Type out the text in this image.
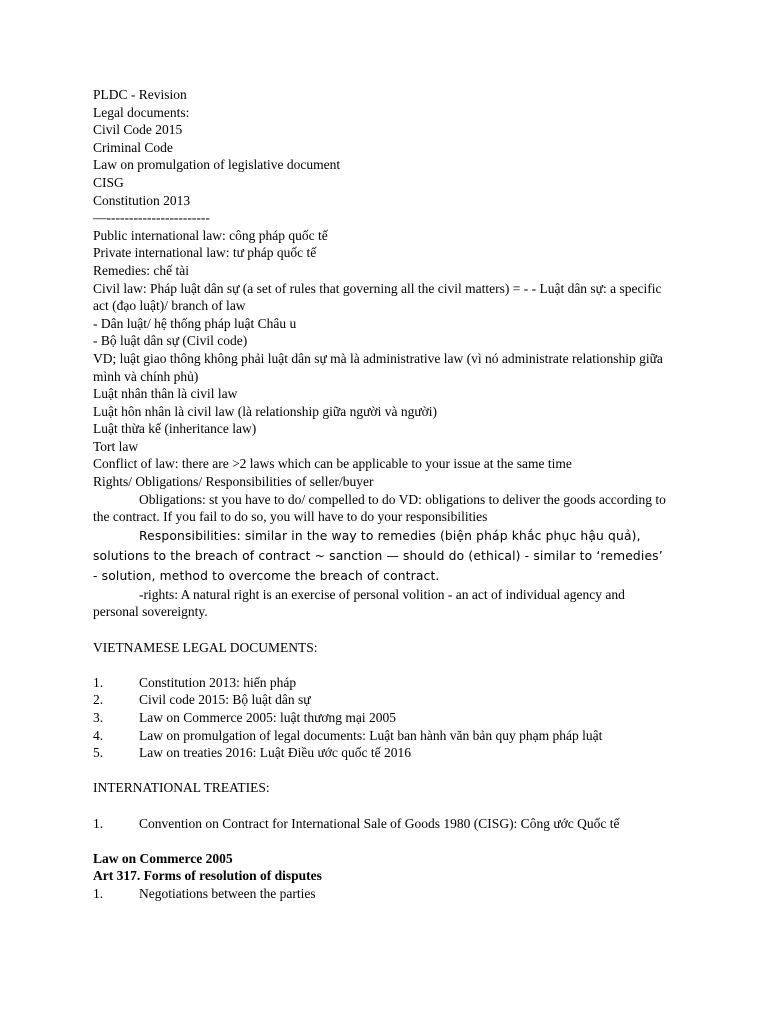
PLDC - Revision
Legal documents:
Civil Code 2015
Criminal Code
Law on promulgation of legislative document
CISG
Constitution 2013
—-----------------------
Public international law: công pháp quốc tế
Private international law: tư pháp quốc tế
Remedies: chế tài
Civil law: Pháp luật dân sự (a set of rules that governing all the civil matters) = - - Luật dân sự: a specific act (đạo luật)/ branch of law
- Dân luật/ hệ thống pháp luật Châu u
- Bộ luật dân sự (Civil code)
VD; luật giao thông không phải luật dân sự mà là administrative law (vì nó administrate relationship giữa mình và chính phủ)
Luật nhân thân là civil law
Luật hôn nhân là civil law (là relationship giữa người và người)
Luật thừa kế (inheritance law)
Tort law
Conflict of law: there are >2 laws which can be applicable to your issue at the same time
Rights/ Obligations/ Responsibilities of seller/buyer
Obligations: st you have to do/ compelled to do VD: obligations to deliver the goods according to the contract. If you fail to do so, you will have to do your responsibilities
Responsibilities: similar in the way to remedies (biện pháp khắc phục hậu quả), solutions to the breach of contract ~ sanction — should do (ethical) - similar to ‘remedies’ - solution, method to overcome the breach of contract.
-rights: A natural right is an exercise of personal volition - an act of individual agency and personal sovereignty.
VIETNAMESE LEGAL DOCUMENTS:
1.	Constitution 2013: hiến pháp
2.	Civil code 2015: Bộ luật dân sự
3.	Law on Commerce 2005: luật thương mại 2005
4.	Law on promulgation of legal documents: Luật ban hành văn bản quy phạm pháp luật
5.	Law on treaties 2016: Luật Điều ước quốc tế 2016
INTERNATIONAL TREATIES:
1.	Convention on Contract for International Sale of Goods 1980 (CISG): Công ước Quốc tế
Law on Commerce 2005
Art 317. Forms of resolution of disputes
1.	Negotiations between the parties
